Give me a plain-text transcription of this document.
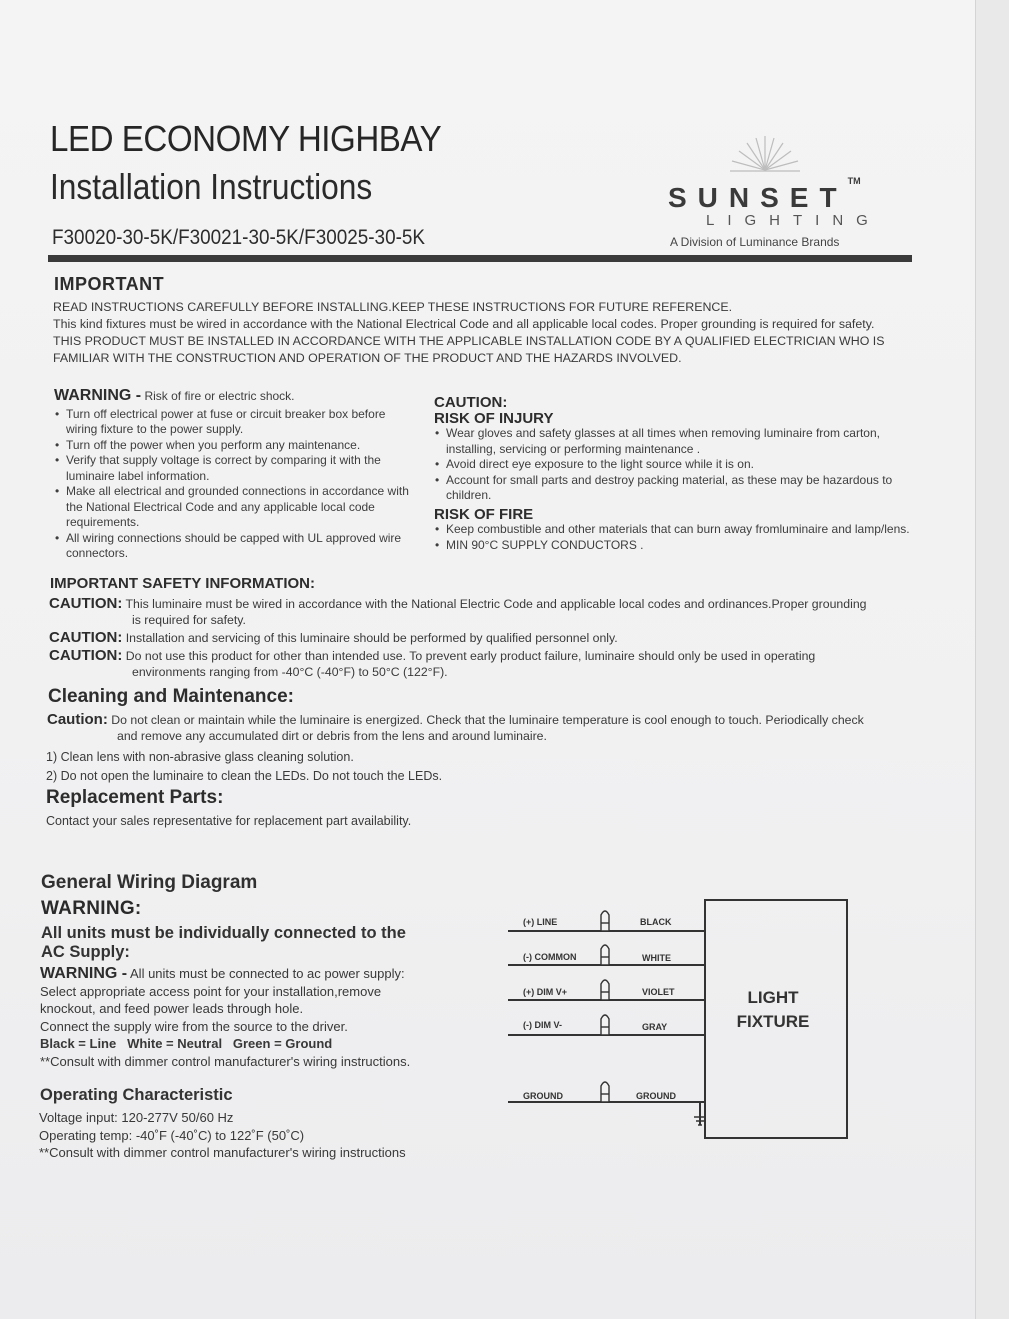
LED ECONOMY HIGHBAY
Installation Instructions
F30020-30-5K/F30021-30-5K/F30025-30-5K
SUNSET™
LIGHTING
A Division of Luminance Brands
IMPORTANT
READ INSTRUCTIONS CAREFULLY BEFORE INSTALLING.KEEP THESE INSTRUCTIONS FOR FUTURE REFERENCE.
This kind fixtures must be wired in accordance with the National Electrical Code and all applicable local codes. Proper grounding is required for safety.
THIS PRODUCT MUST BE INSTALLED IN ACCORDANCE WITH THE APPLICABLE INSTALLATION CODE BY A QUALIFIED ELECTRICIAN WHO IS
FAMILIAR WITH THE CONSTRUCTION AND OPERATION OF THE PRODUCT AND THE HAZARDS INVOLVED.
WARNING - Risk of fire or electric shock.
• Turn off electrical power at fuse or circuit breaker box before wiring fixture to the power supply.
• Turn off the power when you perform any maintenance.
• Verify that supply voltage is correct by comparing it with the luminaire label information.
• Make all electrical and grounded connections in accordance with the National Electrical Code and any applicable local code requirements.
• All wiring connections should be capped with UL approved wire connectors.
CAUTION:
RISK OF INJURY
• Wear gloves and safety glasses at all times when removing luminaire from carton, installing, servicing or performing maintenance .
• Avoid direct eye exposure to the light source while it is on.
• Account for small parts and destroy packing material, as these may be hazardous to children.
RISK OF FIRE
• Keep combustible and other materials that can burn away fromluminaire and lamp/lens.
• MIN 90°C SUPPLY CONDUCTORS .
IMPORTANT SAFETY INFORMATION:
CAUTION: This luminaire must be wired in accordance with the National Electric Code and applicable local codes and ordinances.Proper grounding
is required for safety.
CAUTION: Installation and servicing of this luminaire should be performed by qualified personnel only.
CAUTION: Do not use this product for other than intended use. To prevent early product failure, luminaire should only be used in operating
environments ranging from -40°C (-40°F) to 50°C (122°F).
Cleaning and Maintenance:
Caution: Do not clean or maintain while the luminaire is energized. Check that the luminaire temperature is cool enough to touch. Periodically check
and remove any accumulated dirt or debris from the lens and around luminaire.
1) Clean lens with non-abrasive glass cleaning solution.
2) Do not open the luminaire to clean the LEDs. Do not touch the LEDs.
Replacement Parts:
Contact your sales representative for replacement part availability.
General Wiring Diagram
WARNING:
All units must be individually connected to the
AC Supply:
WARNING - All units must be connected to ac power supply:
Select appropriate access point for your installation,remove
knockout, and feed power leads through hole.
Connect the supply wire from the source to the driver.
Black = Line   White = Neutral   Green = Ground
**Consult with dimmer control manufacturer's wiring instructions.
Operating Characteristic
Voltage input: 120-277V 50/60 Hz
Operating temp: -40˚F (-40˚C) to 122˚F (50˚C)
**Consult with dimmer control manufacturer's wiring instructions
LIGHT
FIXTURE
(+) LINE	BLACK
(-) COMMON	WHITE
(+) DIM V+	VIOLET
(-) DIM V-	GRAY
GROUND	GROUND
